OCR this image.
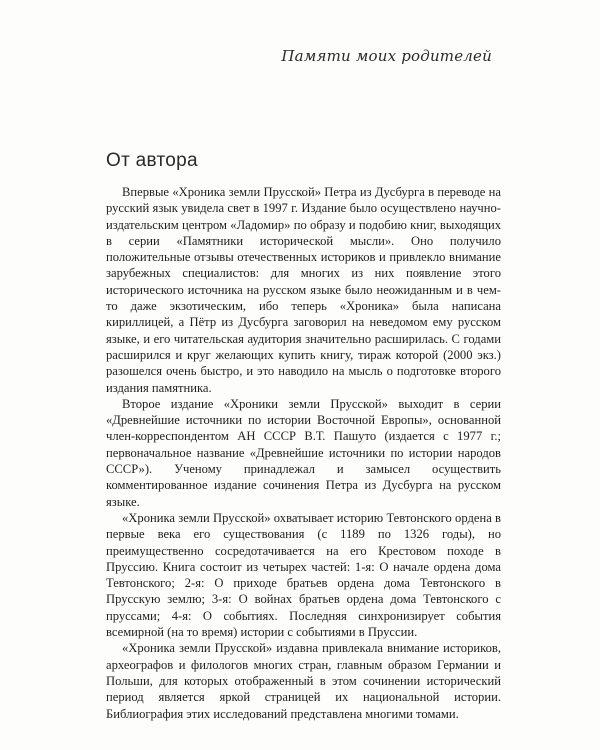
Памяти моих родителей
От автора

Впервые «Хроника земли Прусской» Петра из Дусбурга в переводе на русский язык увидела свет в 1997 г. Издание было осуществлено научно-издательским центром «Ладомир» по образу и подобию книг, выходящих в серии «Памятники исторической мысли». Оно получило положительные отзывы отечественных историков и привлекло внимание зарубежных специалистов: для многих из них появление этого исторического источника на русском языке было неожиданным и в чем-то даже экзотическим, ибо теперь «Хроника» была написана кириллицей, а Пётр из Дусбурга заговорил на неведомом ему русском языке, и его читательская аудитория значительно расширилась. С годами расширился и круг желающих купить книгу, тираж которой (2000 экз.) разошелся очень быстро, и это наводило на мысль о подготовке второго издания памятника.

Второе издание «Хроники земли Прусской» выходит в серии «Древнейшие источники по истории Восточной Европы», основанной член-корреспондентом АН СССР В.Т. Пашуто (издается с 1977 г.; первоначальное название «Древнейшие источники по истории народов СССР»). Ученому принадлежал и замысел осуществить комментированное издание сочинения Петра из Дусбурга на русском языке.

«Хроника земли Прусской» охватывает историю Тевтонского ордена в первые века его существования (с 1189 по 1326 годы), но преимущественно сосредотачивается на его Крестовом походе в Пруссию. Книга состоит из четырех частей: 1-я: О начале ордена дома Тевтонского; 2-я: О приходе братьев ордена дома Тевтонского в Прусскую землю; 3-я: О войнах братьев ордена дома Тевтонского с пруссами; 4-я: О событиях. Последняя синхронизирует события всемирной (на то время) истории с событиями в Пруссии.

«Хроника земли Прусской» издавна привлекала внимание историков, археографов и филологов многих стран, главным образом Германии и Польши, для которых отображенный в этом сочинении исторический период является яркой страницей их национальной истории. Библиография этих исследований представлена многими томами.
